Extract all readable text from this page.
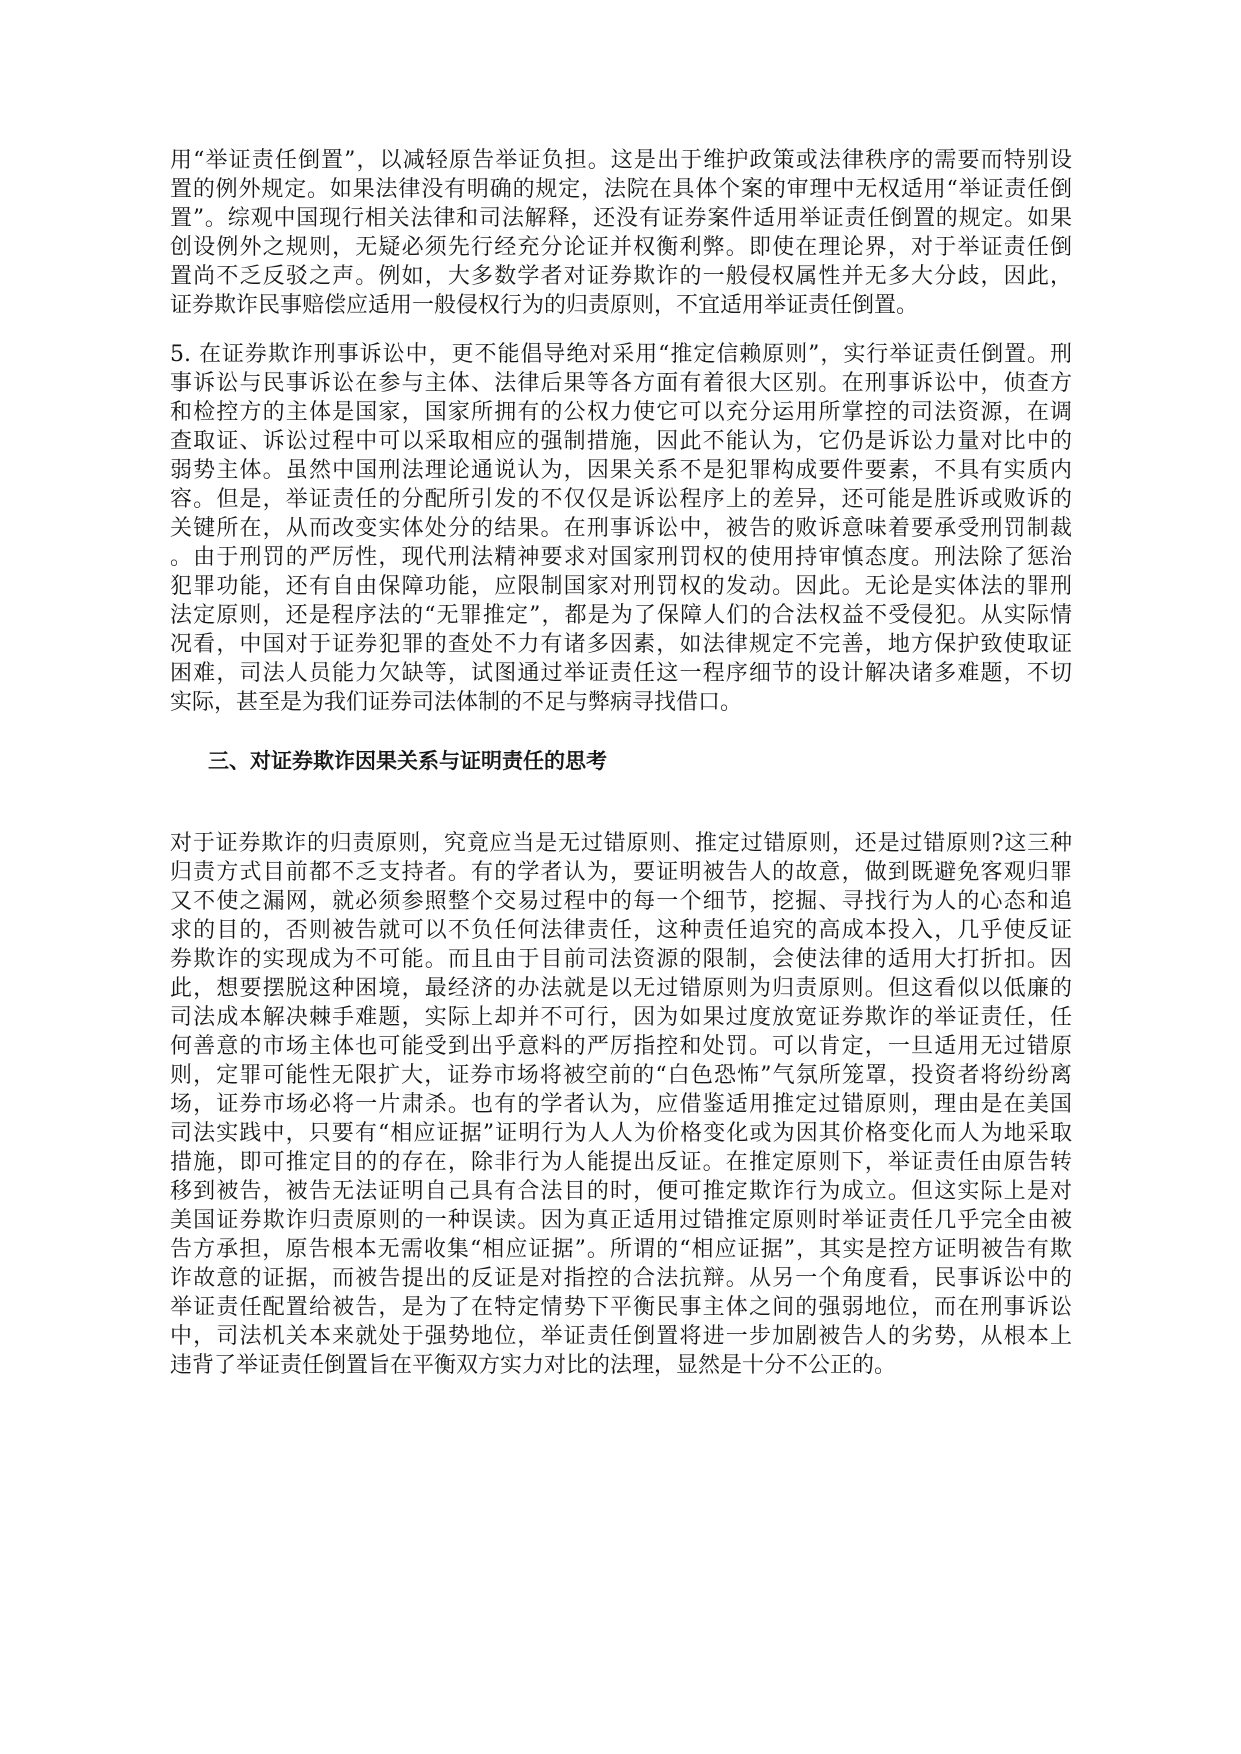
用“举证责任倒置”，以减轻原告举证负担。这是出于维护政策或法律秩序的需要而特别设
置的例外规定。如果法律没有明确的规定，法院在具体个案的审理中无权适用“举证责任倒
置”。综观中国现行相关法律和司法解释，还没有证券案件适用举证责任倒置的规定。如果
创设例外之规则，无疑必须先行经充分论证并权衡利弊。即使在理论界，对于举证责任倒
置尚不乏反驳之声。例如，大多数学者对证券欺诈的一般侵权属性并无多大分歧，因此，
证券欺诈民事赔偿应适用一般侵权行为的归责原则，不宜适用举证责任倒置。
5. 在证券欺诈刑事诉讼中，更不能倡导绝对采用“推定信赖原则”，实行举证责任倒置。刑
事诉讼与民事诉讼在参与主体、法律后果等各方面有着很大区别。在刑事诉讼中，侦查方
和检控方的主体是国家，国家所拥有的公权力使它可以充分运用所掌控的司法资源，在调
查取证、诉讼过程中可以采取相应的强制措施，因此不能认为，它仍是诉讼力量对比中的
弱势主体。虽然中国刑法理论通说认为，因果关系不是犯罪构成要件要素，不具有实质内
容。但是，举证责任的分配所引发的不仅仅是诉讼程序上的差异，还可能是胜诉或败诉的
关键所在，从而改变实体处分的结果。在刑事诉讼中，被告的败诉意味着要承受刑罚制裁
。由于刑罚的严厉性，现代刑法精神要求对国家刑罚权的使用持审慎态度。刑法除了惩治
犯罪功能，还有自由保障功能，应限制国家对刑罚权的发动。因此。无论是实体法的罪刑
法定原则，还是程序法的“无罪推定”，都是为了保障人们的合法权益不受侵犯。从实际情
况看，中国对于证券犯罪的查处不力有诸多因素，如法律规定不完善，地方保护致使取证
困难，司法人员能力欠缺等，试图通过举证责任这一程序细节的设计解决诸多难题，不切
实际，甚至是为我们证券司法体制的不足与弊病寻找借口。
三、对证券欺诈因果关系与证明责任的思考
对于证券欺诈的归责原则，究竟应当是无过错原则、推定过错原则，还是过错原则?这三种
归责方式目前都不乏支持者。有的学者认为，要证明被告人的故意，做到既避免客观归罪
又不使之漏网，就必须参照整个交易过程中的每一个细节，挖掘、寻找行为人的心态和追
求的目的，否则被告就可以不负任何法律责任，这种责任追究的高成本投入，几乎使反证
券欺诈的实现成为不可能。而且由于目前司法资源的限制，会使法律的适用大打折扣。因
此，想要摆脱这种困境，最经济的办法就是以无过错原则为归责原则。但这看似以低廉的
司法成本解决棘手难题，实际上却并不可行，因为如果过度放宽证券欺诈的举证责任，任
何善意的市场主体也可能受到出乎意料的严厉指控和处罚。可以肯定，一旦适用无过错原
则，定罪可能性无限扩大，证券市场将被空前的“白色恐怖”气氛所笼罩，投资者将纷纷离
场，证券市场必将一片肃杀。也有的学者认为，应借鉴适用推定过错原则，理由是在美国
司法实践中，只要有“相应证据”证明行为人人为价格变化或为因其价格变化而人为地采取
措施，即可推定目的的存在，除非行为人能提出反证。在推定原则下，举证责任由原告转
移到被告，被告无法证明自己具有合法目的时，便可推定欺诈行为成立。但这实际上是对
美国证券欺诈归责原则的一种误读。因为真正适用过错推定原则时举证责任几乎完全由被
告方承担，原告根本无需收集“相应证据”。所谓的“相应证据”，其实是控方证明被告有欺
诈故意的证据，而被告提出的反证是对指控的合法抗辩。从另一个角度看，民事诉讼中的
举证责任配置给被告，是为了在特定情势下平衡民事主体之间的强弱地位，而在刑事诉讼
中，司法机关本来就处于强势地位，举证责任倒置将进一步加剧被告人的劣势，从根本上
违背了举证责任倒置旨在平衡双方实力对比的法理，显然是十分不公正的。
